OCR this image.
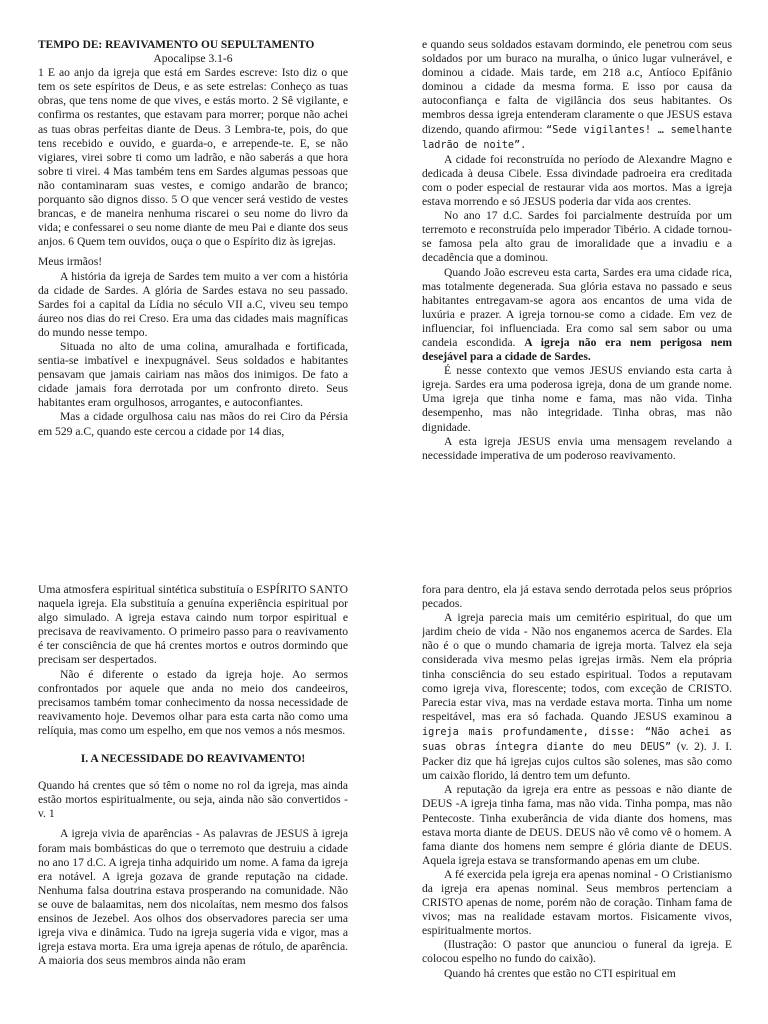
TEMPO DE: REAVIVAMENTO OU SEPULTAMENTO

Apocalipse 3.1-6

1 E ao anjo da igreja que está em Sardes escreve: Isto diz o que tem os sete espíritos de Deus, e as sete estrelas: Conheço as tuas obras, que tens nome de que vives, e estás morto. 2 Sê vigilante, e confirma os restantes, que estavam para morrer; porque não achei as tuas obras perfeitas diante de Deus. 3 Lembra-te, pois, do que tens recebido e ouvido, e guarda-o, e arrepende-te. E, se não vigiares, virei sobre ti como um ladrão, e não saberás a que hora sobre ti virei. 4 Mas também tens em Sardes algumas pessoas que não contaminaram suas vestes, e comigo andarão de branco; porquanto são dignos disso. 5 O que vencer será vestido de vestes brancas, e de maneira nenhuma riscarei o seu nome do livro da vida; e confessarei o seu nome diante de meu Pai e diante dos seus anjos. 6 Quem tem ouvidos, ouça o que o Espírito diz às igrejas.

Meus irmãos!

A história da igreja de Sardes tem muito a ver com a história da cidade de Sardes. A glória de Sardes estava no seu passado. Sardes foi a capital da Lídia no século VII a.C, viveu seu tempo áureo nos dias do rei Creso. Era uma das cidades mais magníficas do mundo nesse tempo.

Situada no alto de uma colina, amuralhada e fortificada, sentia-se imbatível e inexpugnável. Seus soldados e habitantes pensavam que jamais cairiam nas mãos dos inimigos. De fato a cidade jamais fora derrotada por um confronto direto. Seus habitantes eram orgulhosos, arrogantes, e autoconfiantes.

Mas a cidade orgulhosa caiu nas mãos do rei Ciro da Pérsia em 529 a.C, quando este cercou a cidade por 14 dias,

e quando seus soldados estavam dormindo, ele penetrou com seus soldados por um buraco na muralha, o único lugar vulnerável, e dominou a cidade. Mais tarde, em 218 a.c, Antíoco Epifânio dominou a cidade da mesma forma. E isso por causa da autoconfiança e falta de vigilância dos seus habitantes. Os membros dessa igreja entenderam claramente o que JESUS estava dizendo, quando afirmou: “Sede vigilantes! … semelhante ladrão de noite”.

A cidade foi reconstruída no período de Alexandre Magno e dedicada à deusa Cibele. Essa divindade padroeira era creditada com o poder especial de restaurar vida aos mortos. Mas a igreja estava morrendo e só JESUS poderia dar vida aos crentes.

No ano 17 d.C. Sardes foi parcialmente destruída por um terremoto e reconstruída pelo imperador Tibério. A cidade tornou-se famosa pela alto grau de imoralidade que a invadiu e a decadência que a dominou.

Quando João escreveu esta carta, Sardes era uma cidade rica, mas totalmente degenerada. Sua glória estava no passado e seus habitantes entregavam-se agora aos encantos de uma vida de luxúria e prazer. A igreja tornou-se como a cidade. Em vez de influenciar, foi influenciada. Era como sal sem sabor ou uma candeia escondida. A igreja não era nem perigosa nem desejável para a cidade de Sardes.

É nesse contexto que vemos JESUS enviando esta carta à igreja. Sardes era uma poderosa igreja, dona de um grande nome. Uma igreja que tinha nome e fama, mas não vida. Tinha desempenho, mas não integridade. Tinha obras, mas não dignidade.

A esta igreja JESUS envia uma mensagem revelando a necessidade imperativa de um poderoso reavivamento.

Uma atmosfera espiritual sintética substituía o ESPÍRITO SANTO naquela igreja. Ela substituía a genuína experiência espiritual por algo simulado. A igreja estava caindo num torpor espiritual e precisava de reavivamento. O primeiro passo para o reavivamento é ter consciência de que há crentes mortos e outros dormindo que precisam ser despertados.

Não é diferente o estado da igreja hoje. Ao sermos confrontados por aquele que anda no meio dos candeeiros, precisamos também tomar conhecimento da nossa necessidade de reavivamento hoje. Devemos olhar para esta carta não como uma relíquia, mas como um espelho, em que nos vemos a nós mesmos.

I. A NECESSIDADE DO REAVIVAMENTO!

Quando há crentes que só têm o nome no rol da igreja, mas ainda estão mortos espiritualmente, ou seja, ainda não são convertidos - v. 1

A igreja vivia de aparências - As palavras de JESUS à igreja foram mais bombásticas do que o terremoto que destruiu a cidade no ano 17 d.C. A igreja tinha adquirido um nome. A fama da igreja era notável. A igreja gozava de grande reputação na cidade. Nenhuma falsa doutrina estava prosperando na comunidade. Não se ouve de balaamitas, nem dos nicolaítas, nem mesmo dos falsos ensinos de Jezebel. Aos olhos dos observadores parecia ser uma igreja viva e dinâmica. Tudo na igreja sugeria vida e vigor, mas a igreja estava morta. Era uma igreja apenas de rótulo, de aparência. A maioria dos seus membros ainda não eram

fora para dentro, ela já estava sendo derrotada pelos seus próprios pecados.

A igreja parecia mais um cemitério espiritual, do que um jardim cheio de vida - Não nos enganemos acerca de Sardes. Ela não é o que o mundo chamaria de igreja morta. Talvez ela seja considerada viva mesmo pelas igrejas irmãs. Nem ela própria tinha consciência do seu estado espiritual. Todos a reputavam como igreja viva, florescente; todos, com exceção de CRISTO. Parecia estar viva, mas na verdade estava morta. Tinha um nome respeitável, mas era só fachada. Quando JESUS examinou a igreja mais profundamente, disse: “Não achei as suas obras íntegra diante do meu DEUS” (v. 2). J. I. Packer diz que há igrejas cujos cultos são solenes, mas são como um caixão florido, lá dentro tem um defunto.

A reputação da igreja era entre as pessoas e não diante de DEUS -A igreja tinha fama, mas não vida. Tinha pompa, mas não Pentecoste. Tinha exuberância de vida diante dos homens, mas estava morta diante de DEUS. DEUS não vê como vê o homem. A fama diante dos homens nem sempre é glória diante de DEUS. Aquela igreja estava se transformando apenas em um clube.

A fé exercida pela igreja era apenas nominal - O Cristianismo da igreja era apenas nominal. Seus membros pertenciam a CRISTO apenas de nome, porém não de coração. Tinham fama de vivos; mas na realidade estavam mortos. Fisicamente vivos, espiritualmente mortos.

(Ilustração: O pastor que anunciou o funeral da igreja. E colocou espelho no fundo do caixão).

Quando há crentes que estão no CTI espiritual em
